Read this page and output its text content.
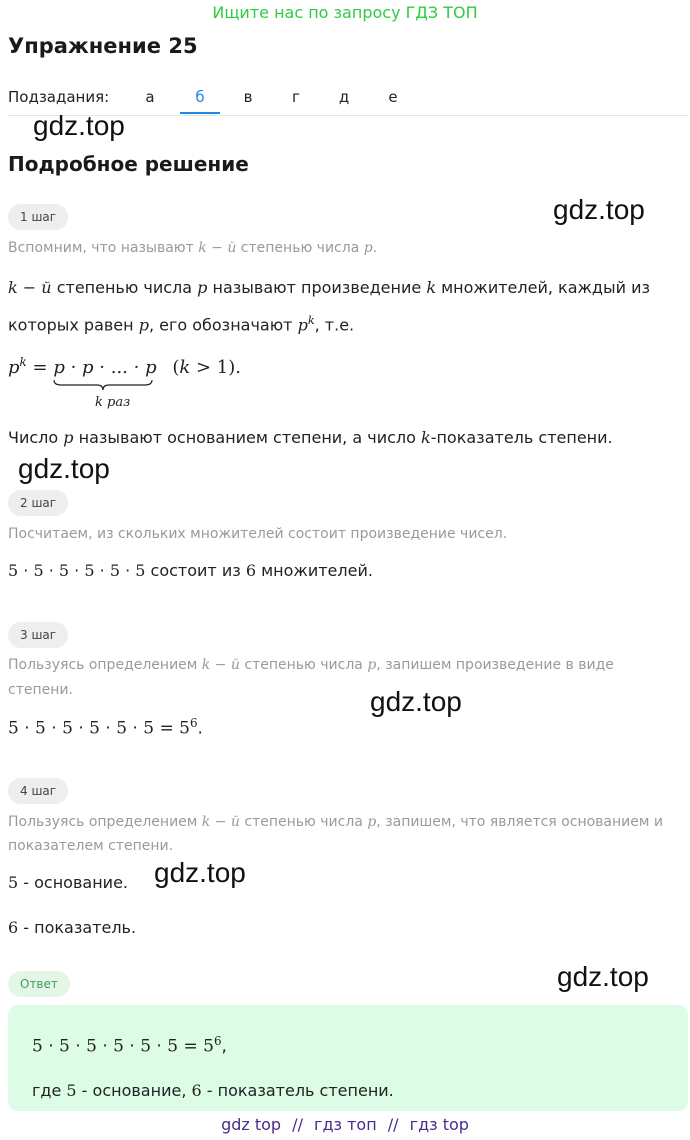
Ищите нас по запросу ГДЗ ТОП
Упражнение 25
Подзадания:	а	б	в	г	д	е
gdz.top
gdz.top
gdz.top
gdz.top
gdz.top
gdz.top
Подробное решение
1 шаг
Вспомним, что называют k − й степенью числа p.
k − й степенью числа p называют произведение k множителей, каждый из
которых равен p, его обозначают $p^k$, т.е.
$p^k = p \cdot p$ · ... · p
(k > 1).
k раз
Число p называют основанием степени, а число k-показатель степени.
2 шаг
Посчитаем, из скольких множителей состоит произведение чисел.
5 · 5 · 5 · 5 · 5 · 5 состоит из 6 множителей.
3 шаг
Пользуясь определением k − й степенью числа p, запишем произведение в виде
степени.
$5 \cdot 5 \cdot 5 \cdot 5 \cdot 5 \cdot 5 = 5^6$.
4 шаг
Пользуясь определением k − й степенью числа p, запишем, что является основанием и
показателем степени.
5 - основание.
6 - показатель.
Ответ
$5 \cdot 5 \cdot 5 \cdot 5 \cdot 5 \cdot 5 = 5^6$,
где 5 - основание, 6 - показатель степени.
gdz top // гдз топ // гдз top
